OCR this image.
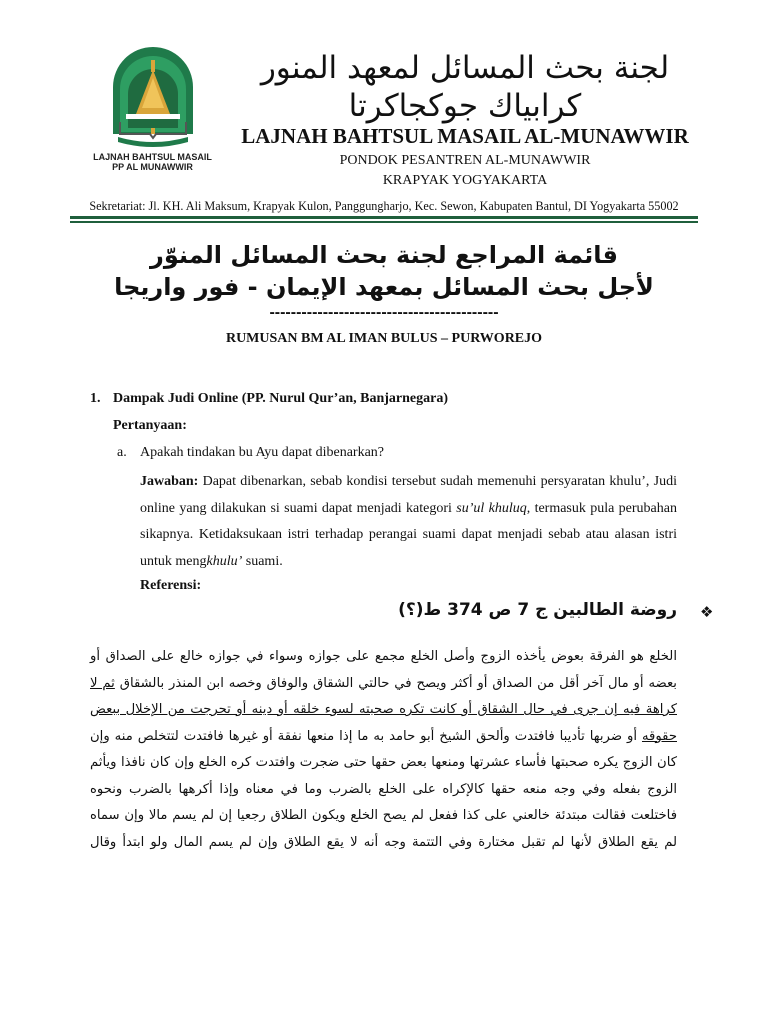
LAJNAH BAHTSUL MASAIL
PP AL MUNAWWIR
لجنة بحث المسائل لمعهد المنور
كرابياك جوكجاكرتا
LAJNAH BAHTSUL MASAIL AL-MUNAWWIR
PONDOK PESANTREN AL-MUNAWWIR
KRAPYAK YOGYAKARTA
Sekretariat: Jl. KH. Ali Maksum, Krapyak Kulon, Panggungharjo, Kec. Sewon, Kabupaten Bantul, DI Yogyakarta 55002
قائمة المراجع لجنة بحث المسائل المنوّر
لأجل بحث المسائل بمعهد الإيمان - فور واريجا
-------------------------------------------
RUMUSAN BM AL IMAN BULUS – PURWOREJO
1. Dampak Judi Online (PP. Nurul Qur’an, Banjarnegara)
Pertanyaan:
a. Apakah tindakan bu Ayu dapat dibenarkan?
Jawaban: Dapat dibenarkan, sebab kondisi tersebut sudah memenuhi persyaratan khulu’, Judi online yang dilakukan si suami dapat menjadi kategori su’ul khuluq, termasuk pula perubahan sikapnya. Ketidaksukaan istri terhadap perangai suami dapat menjadi sebab atau alasan istri untuk mengkhulu’ suami.
Referensi:
❖
روضة الطالبين ج 7 ص 374 ط(؟)
الخلع هو الفرقة بعوض يأخذه الزوج وأصل الخلع مجمع على جوازه وسواء في جوازه خالع على الصداق أو بعضه أو مال آخر أقل من الصداق أو أكثر ويصح في حالتي الشقاق والوفاق وخصه ابن المنذر بالشقاق ثم لا كراهة فيه إن جرى في حال الشقاق أو كانت تكره صحبته لسوء خلقه أو دينه أو تحرجت من الإخلال ببعض حقوقه أو ضربها تأديبا فافتدت وألحق الشيخ أبو حامد به ما إذا منعها نفقة أو غيرها فافتدت لتتخلص منه وإن كان الزوج يكره صحبتها فأساء عشرتها ومنعها بعض حقها حتى ضجرت وافتدت كره الخلع وإن كان نافذا ويأثم الزوج بفعله وفي وجه منعه حقها كالإكراه على الخلع بالضرب وما في معناه وإذا أكرهها بالضرب ونحوه فاختلعت فقالت مبتدئة خالعني على كذا ففعل لم يصح الخلع ويكون الطلاق رجعيا إن لم يسم مالا وإن سماه لم يقع الطلاق لأنها لم تقبل مختارة وفي التتمة وجه أنه لا يقع الطلاق وإن لم يسم المال ولو ابتدأ وقال
